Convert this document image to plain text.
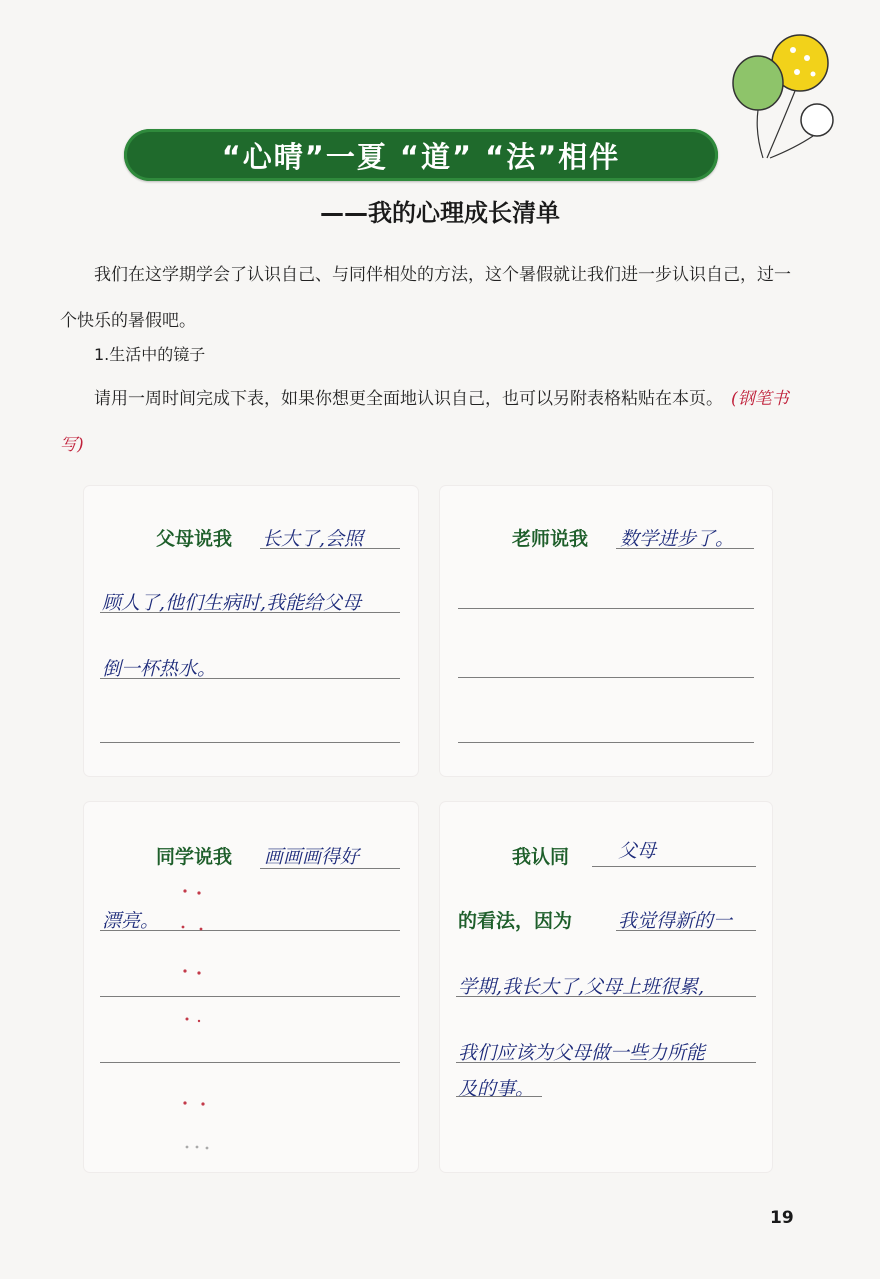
“心晴”一夏 “道” “法”相伴
——我的心理成长清单
我们在这学期学会了认识自己、与同伴相处的方法，这个暑假就让我们进一步认识自己，过一个快乐的暑假吧。
1.生活中的镜子
请用一周时间完成下表，如果你想更全面地认识自己，也可以另附表格粘贴在本页。 (钢笔书写)
父母说我 长大了,会照
顾人了,他们生病时,我能给父母
倒一杯热水。
老师说我 数学进步了。
同学说我 画画画得好
漂亮。
我认同	父母
的看法，因为 我觉得新的一
学期,我长大了,父母上班很累,
我们应该为父母做一些力所能
及的事。
19
